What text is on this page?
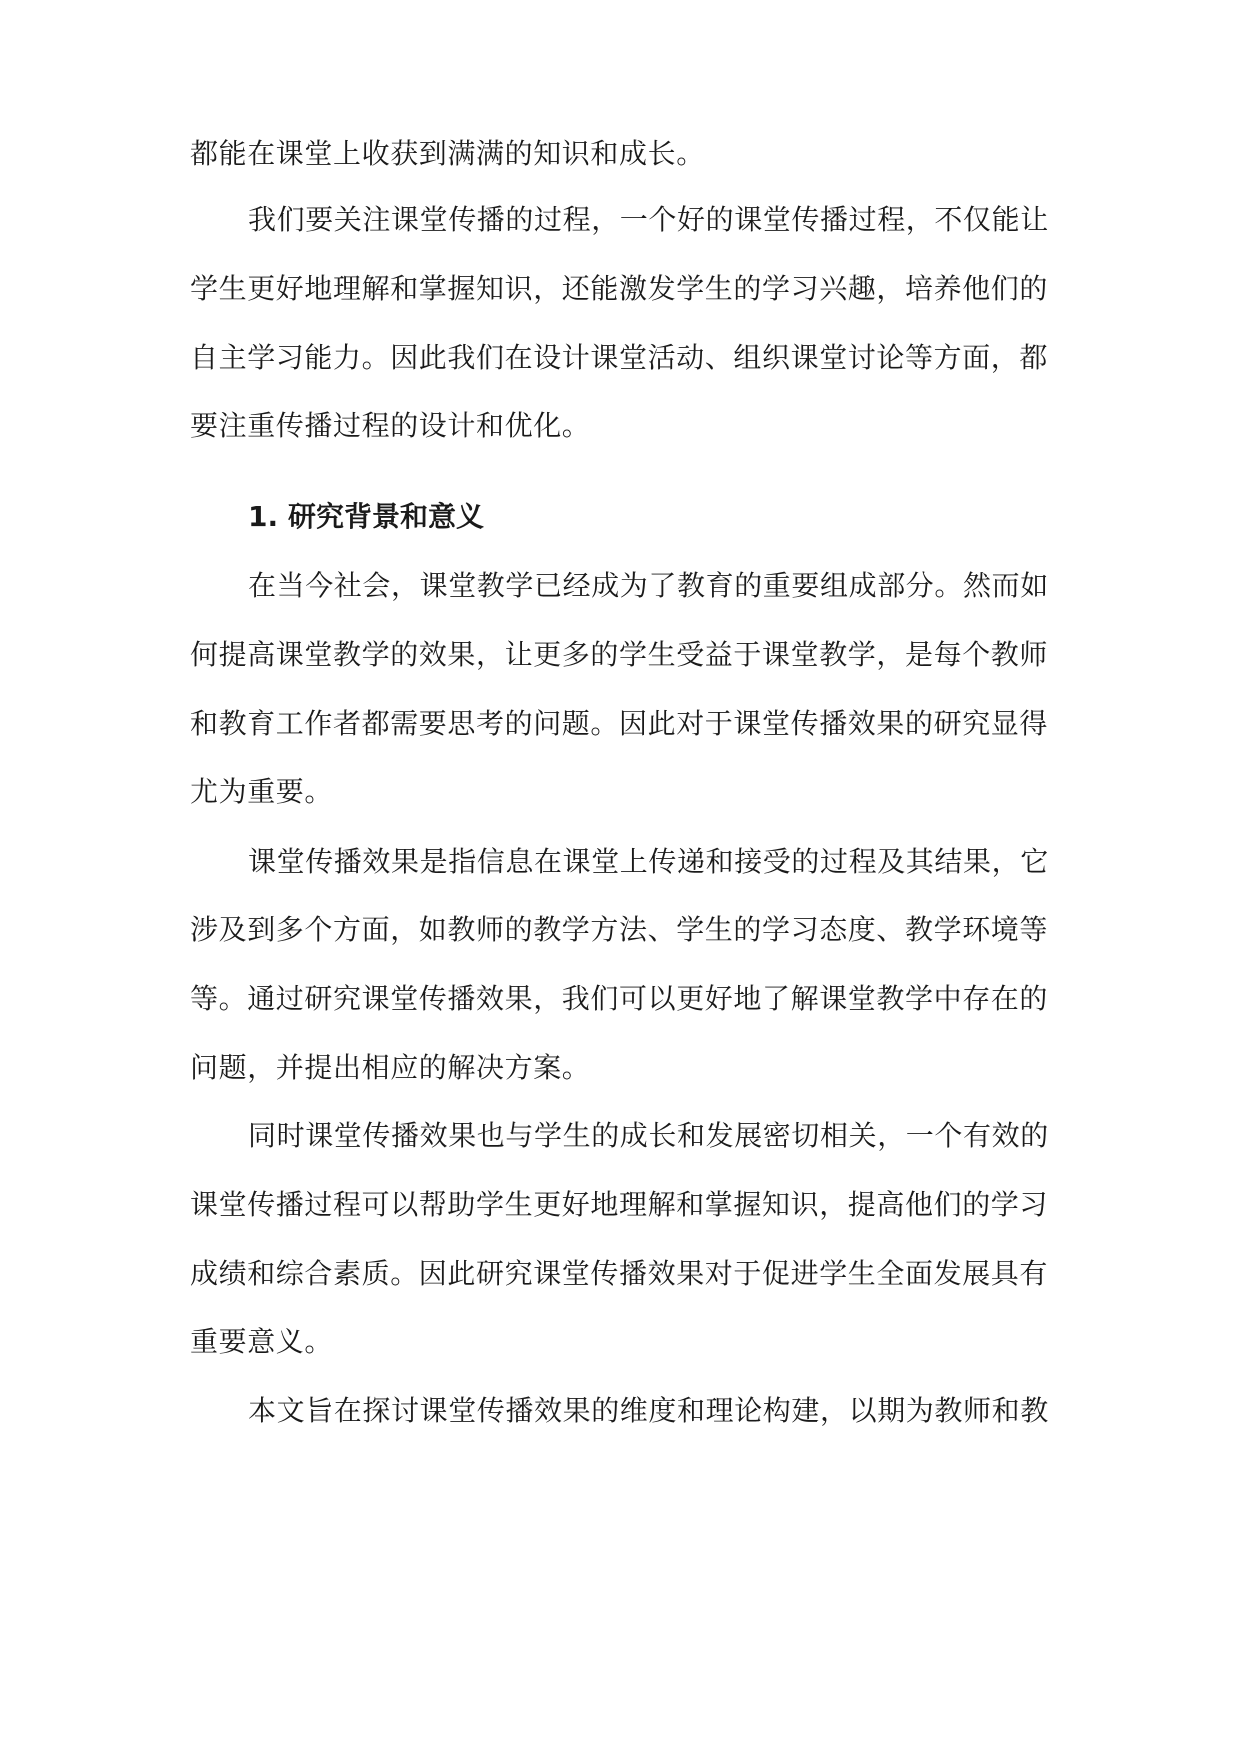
都能在课堂上收获到满满的知识和成长。

我们要关注课堂传播的过程，一个好的课堂传播过程，不仅能让

学生更好地理解和掌握知识，还能激发学生的学习兴趣，培养他们的

自主学习能力。因此我们在设计课堂活动、组织课堂讨论等方面，都

要注重传播过程的设计和优化。

1. 研究背景和意义

在当今社会，课堂教学已经成为了教育的重要组成部分。然而如

何提高课堂教学的效果，让更多的学生受益于课堂教学，是每个教师

和教育工作者都需要思考的问题。因此对于课堂传播效果的研究显得

尤为重要。

课堂传播效果是指信息在课堂上传递和接受的过程及其结果，它

涉及到多个方面，如教师的教学方法、学生的学习态度、教学环境等

等。通过研究课堂传播效果，我们可以更好地了解课堂教学中存在的

问题，并提出相应的解决方案。

同时课堂传播效果也与学生的成长和发展密切相关，一个有效的

课堂传播过程可以帮助学生更好地理解和掌握知识，提高他们的学习

成绩和综合素质。因此研究课堂传播效果对于促进学生全面发展具有

重要意义。

本文旨在探讨课堂传播效果的维度和理论构建，以期为教师和教
